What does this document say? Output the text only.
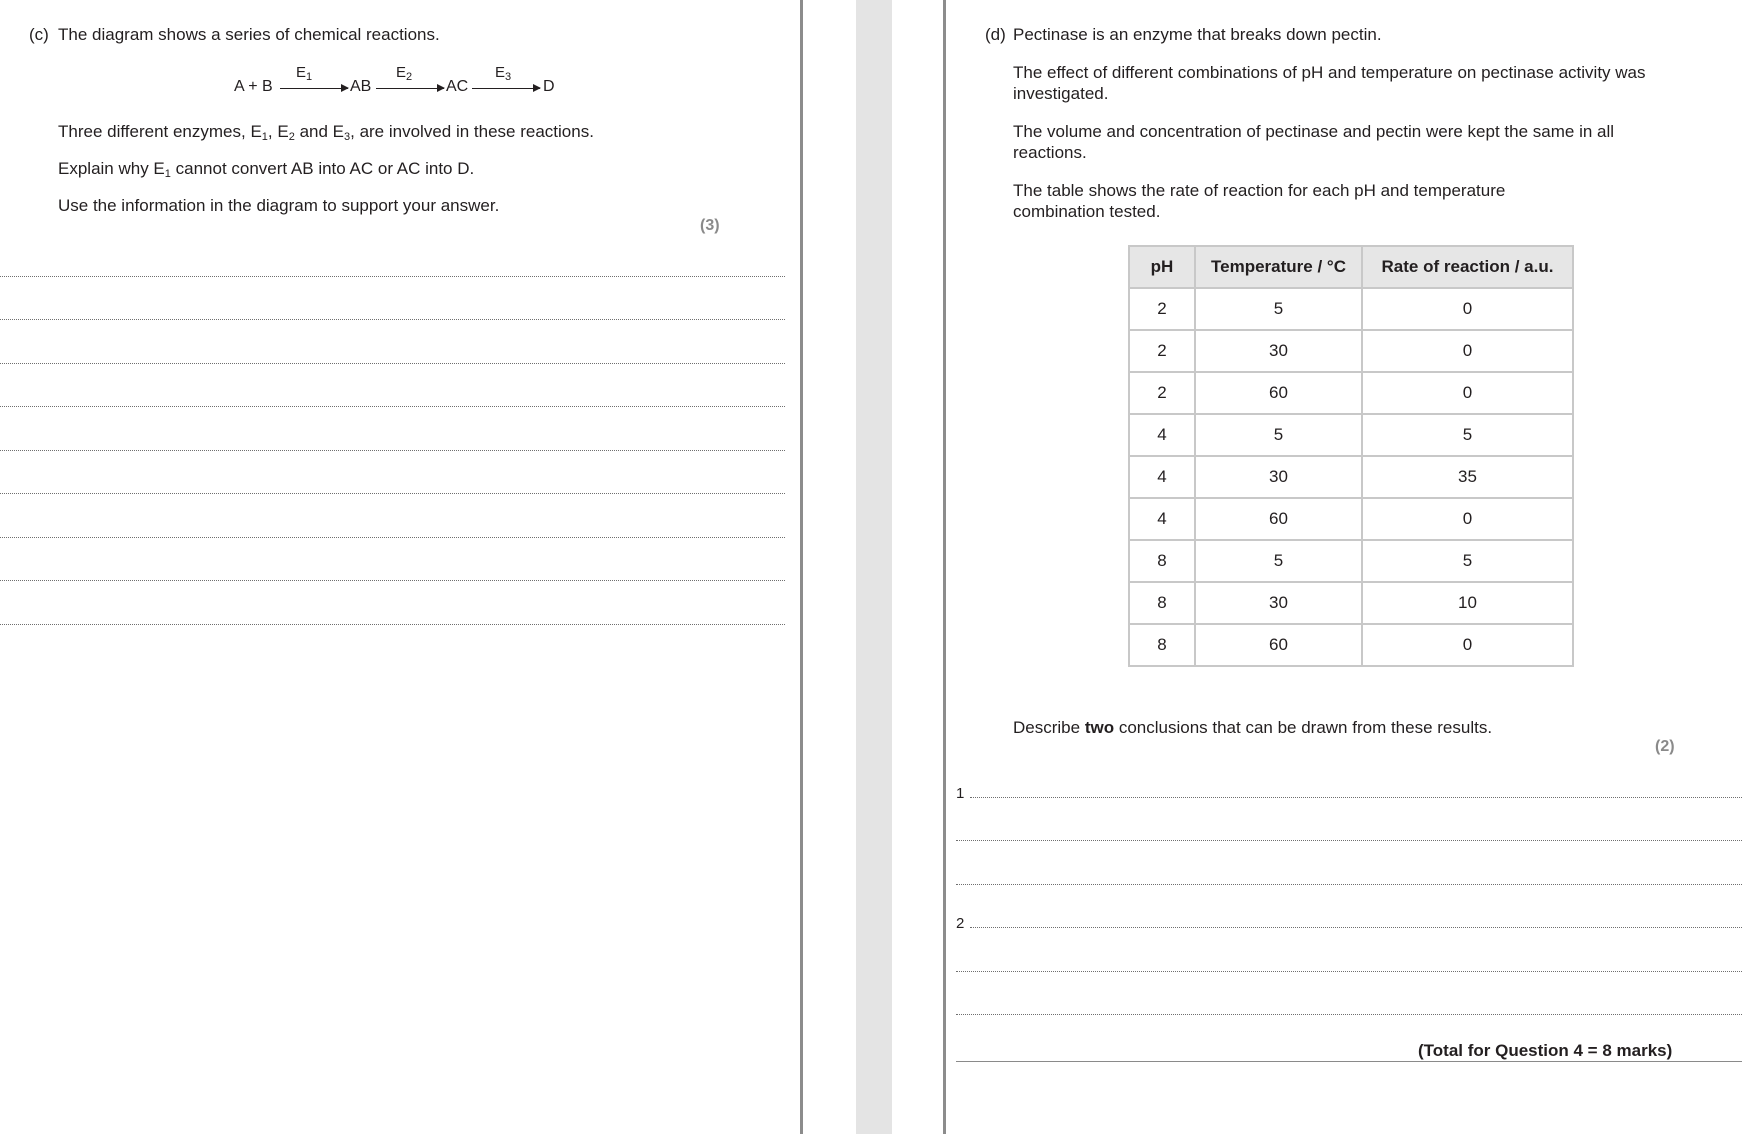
(c) The diagram shows a series of chemical reactions.
A + B
$E_1$
AB
$E_2$
AC
$E_3$
D
Three different enzymes, $E_1$, $E_2$ and $E_3$, are involved in these reactions.
Explain why $E_1$ cannot convert AB into AC or AC into D.
Use the information in the diagram to support your answer.
(3)
(d) Pectinase is an enzyme that breaks down pectin.
The effect of different combinations of pH and temperature on pectinase activity was investigated.
The volume and concentration of pectinase and pectin were kept the same in all reactions.
The table shows the rate of reaction for each pH and temperature combination tested.
pH	Temperature / °C	Rate of reaction / a.u.
2	5	0
2	30	0
2	60	0
4	5	5
4	30	35
4	60	0
8	5	5
8	30	10
8	60	0
Describe two conclusions that can be drawn from these results.
(2)
1
2
(Total for Question 4 = 8 marks)
